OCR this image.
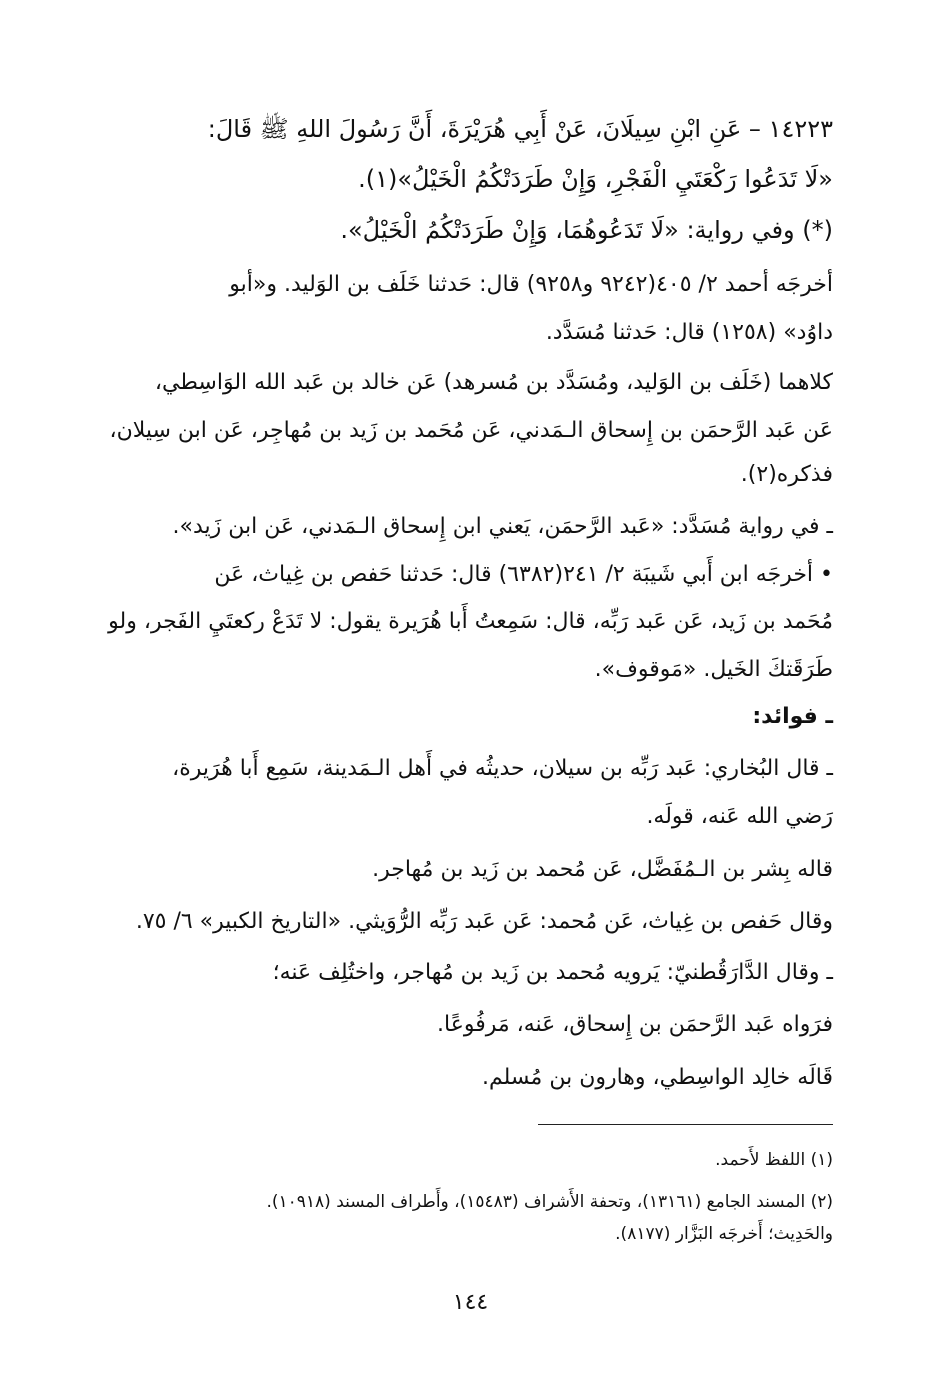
١٤٢٢٣ – عَنِ ابْنِ سِيلَانَ، عَنْ أَبِي هُرَيْرَةَ، أَنَّ رَسُولَ اللهِ ﷺ قَالَ:
«لَا تَدَعُوا رَكْعَتَيِ الْفَجْرِ، وَإِنْ طَرَدَتْكُمُ الْخَيْلُ»(١).
(*) وفي رواية: «لَا تَدَعُوهُمَا، وَإِنْ طَرَدَتْكُمُ الْخَيْلُ».
أخرجَه أحمد ٢/ ٤٠٥(٩٢٤٢ و٩٢٥٨) قال: حَدثنا خَلَف بن الوَليد. و«أبو
داوُد» (١٢٥٨) قال: حَدثنا مُسَدَّد.
كلاهما (خَلَف بن الوَليد، ومُسَدَّد بن مُسرهد) عَن خالد بن عَبد الله الوَاسِطي،
عَن عَبد الرَّحمَن بن إِسحاق الـمَدني، عَن مُحَمد بن زَيد بن مُهاجِر، عَن ابن سِيلان،
فذكره(٢).
ـ في رواية مُسَدَّد: «عَبد الرَّحمَن، يَعني ابن إِسحاق الـمَدني، عَن ابن زَيد».
• أخرجَه ابن أَبي شَيبَة ٢/ ٢٤١(٦٣٨٢) قال: حَدثنا حَفص بن غِياث، عَن
مُحَمد بن زَيد، عَن عَبد رَبِّه، قال: سَمِعتُ أَبا هُرَيرة يقول: لا تَدَعْ ركعتَيِ الفَجر، ولو
طَرَقَتكَ الخَيل. «مَوقوف».
ـ فوائد:
ـ قال البُخاري: عَبد رَبِّه بن سيلان، حديثُه في أَهل الـمَدينة، سَمِع أَبا هُرَيرة،
رَضي الله عَنه، قولَه.
قاله بِشر بن الـمُفَضَّل، عَن مُحمد بن زَيد بن مُهاجر.
وقال حَفص بن غِياث، عَن مُحمد: عَن عَبد رَبِّه الرُّوَيثي. «التاريخ الكبير» ٦/ ٧٥.
ـ وقال الدَّارَقُطنيّ: يَرويه مُحمد بن زَيد بن مُهاجر، واختُلِف عَنه؛
فرَواه عَبد الرَّحمَن بن إِسحاق، عَنه، مَرفُوعًا.
قَالَه خالِد الواسِطي، وهارون بن مُسلم.
(١) اللفظ لأَحمد.
(٢) المسند الجامع (١٣١٦١)، وتحفة الأَشراف (١٥٤٨٣)، وأَطراف المسند (١٠٩١٨).
والحَدِيث؛ أَخرجَه البَزَّار (٨١٧٧).
١٤٤
